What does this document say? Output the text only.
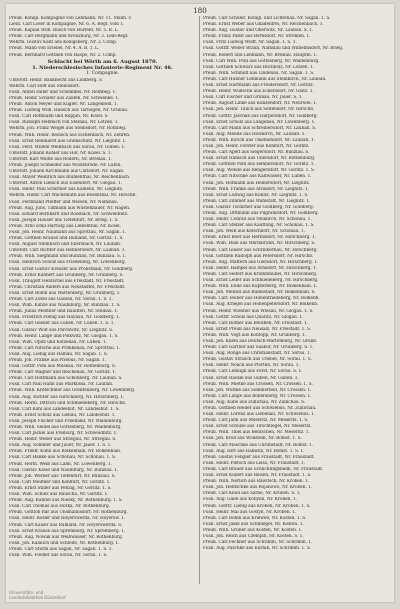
180
Preuß. Königl. Kompagnie von Lehmann, Nr. 11. Mann. v.
Lieut. Carl Löser in Kompagnie, Nr. 6. A. Regt. vom 1.
Preuß. Kaplan Wilh. Busch von Hürfeld, Nr. 5. B. L.
Preuß. Carl Bergmann und Kreuzburg, Nr. 3. Leib-Regt.
Wehrm. Gustav Kant ans Königsberg, Nr. 2. Comp.
Preuß. Mann von Eriebel, Nr. 4. A. B. 1. L.
Preuß. Bernhard Gottlieb von Haspe, Nr. 2. Comp.
Schlacht bei Wörth am 6. August 1870.
1. Niederschlesisches Infanterie-Regiment Nr. 46.
1. Compagnie.
Unteroff. Heinr. Bauknecht aus Lindberg. S.
Wehrm. Carl Hoff aus Steinsdorf.
Füsil. Anton Hiller und Schemmel, Nr. Rothbeg. 1.
Preuß. Heinr. Schäfer aus Zaufen, Nr. Schwenke. 1.
Preuß. Anton Meyer und Kugler, Nr. Langenfeld. 1.
Preuß. Ludwig Wilh. Hänsch aus Tarnogen, Nr. Grünau.
Füsil. Carl Hoffmann und Ruppin, Nr. Kosel. S.
Füsil. Rudolph Hellmich von Steinau, Nr. Lötzen. 1.
Wehrm. Joh. Franz Weigel aus Steinsdorf, Nr. Rothbeg.
Preuß. Wilh. Heinr. Reinsch aus Eichenbach, Nr. Zehren.
Füsil. Ernst Reinhardt aus Gramschütz, Nr. Liegnitz. 1.
Füsil. Ferd. Willem Weißbach aus Sorau, Nr. Guben. 1.
Unteroff. Johann Köhler aus Hof, Nr. Kusel. S. 1.
Unteroff. Karl Weiße aus Rödern, Nr. Breslau. 1.
Preuß. Joseph Schneider aus Wüstenrode, Nr. Lubin.
Unteroff. Johann Kirchmann aus Carlsdorf, Nr. Sagan.
Füsil. Mayer Weinrich aus Blumenthal, Nr. Reichenbach.
Unteroff. Anton Liebich aus Eisendorf, Nr. Glogau. 1.
Füsil. Heinr. Paul Schirmer aus Kamenz, Nr. Liegnitz.
Wehrm. Heinr. Carl Wachsmuth aus Rosenthal, Nr. Hirschb.
Füsil. Ferdinand Pfeiffer und Wiesen, Nr. Namslau.
Preuß. Aug. Juns. Tillmann aus Wüstenbauer, Nr. Hagen.
Füsil. Eduard Bernhard und Rossbach, Nr. Schweidnitz.
Füsil. Joseph Hauser ans Tiefenfurt, Nr. Brieg. 1. S.
Preuß. Arno Emil Hartwig aus Liebenthal, Nr. Kosel.
Füsil. Joh. Heinr. Naumann aus Sprottau, Nr. Sagan. 1.
Preuß. Gottlieb Krause und Ruhland, Nr. Görlitz. 1. S.
Füsil. August Steinbach und Ebersbach, Nr. Lauban.
Unteroff. Carl Richter aus Hennersdorf, Nr. Lauban. 1.
Preuß. Wilh. Siegmund und Bunzlau, Nr. Bunzlau. S. 1.
Füsil. Heinrich Scholz aus Friedeberg, Nr. Löwenberg.
Füsil. Ernst Gustav Kreuzer aus Probsthain, Nr. Goldberg.
Preuß. Ernst Kuhnert aus Grünberg, Nr. Grünberg. S.
Füsil. Traugott Hentschel aus Freistadt, Nr. Freistadt.
Preuß. Christian Anders aus Neustädtel, Nr. Freistadt.
Füsil. Ernst Böhm aus Wartenberg, Nr. Grünberg. 1.
Preuß. Carl Zobel aus Gassen, Nr. Sorau. 1. S. 1.
Füsil. Wilh. Kunze aus Naumburg, Nr. Bunzlau. 1. S.
Preuß. Julius Meißner und Raudten, Nr. Steinau. 1.
Füsil. Friedrich Fiebig aus Haynau, Nr. Goldberg. 1.
Preuß. Carl Geisler aus Lüben, Nr. Lüben. 1. S. 1.
Füsil. Gustav Wolf aus Parchwitz, Nr. Liegnitz. S.
Preuß. Heinr. Lange und Polkwitz, Nr. Glogau. 1. S.
Füsil. Wilh. Opitz und Kotzenau, Nr. Lüben. 1.
Preuß. Carl Nitsche aus Primkenau, Nr. Sprottau. 1.
Füsil. Aug. Liebig aus Halbau, Nr. Sagan. 1. S.
Preuß. Joh. Franke aus Priebus, Nr. Sagan. 1.
Füsil. Gottfr. Pohl aus Muskau, Nr. Rothenburg. S.
Preuß. Carl Wagner und Reichenau, Nr. Görlitz. 1.
Preuß. Carl Hoffmann aus Schönberg, Nr. Lauban. S.
Füsil. Carl Paul Hahn aus Marklissa, Nr. Lauban.
Preuß. Wilh. Kretschmer aus Greiffenberg, Nr. Löwenberg.
Füsil. Aug. Richter aus Hirschberg, Nr. Hirschberg. 1.
Preuß. Herm. Dittrich und Schmiedeberg, Nr. Hirschb.
Füsil. Carl Kahl aus Landeshut, Nr. Landeshut. 1. S.
Preuß. Ernst Scholz aus Liebau, Nr. Landeshut. 1.
Füsil. Joseph Fischer und Friedland, Nr. Waldenburg.
Preuß. Wilh. Seidel aus Gottesberg, Nr. Waldenburg.
Füsil. Carl Jäckel aus Freiburg, Nr. Schweidnitz. 1.
Preuß. Heinr. Weber aus Striegau, Nr. Striegau. S.
Füsil. Aug. Sommer und Jauer, Nr. Jauer. 1. S. 1.
Preuß. Friedr. Kühn aus Bolkenhain, Nr. Bolkenhain.
Füsil. Carl Hanke aus Schönau, Nr. Schönau. 1. S.
Preuß. Herm. Weiß aus Lähn, Nr. Löwenberg. 1.
Füsil. Gustav Klose und Naumburg, Nr. Bunzlau. 1.
Preuß. Joh. Werner aus Tiefenfurt, Nr. Bunzlau. S.
Füsil. Carl Meißner und Kohlfurt, Nr. Görlitz. 1.
Preuß. Ernst Stiller aus Penzig, Nr. Görlitz. 1. S.
Füsil. Wilh. Schulz aus Rauscha, Nr. Görlitz. 1.
Preuß. Aug. Kühnel aus Niesky, Nr. Rothenburg. 1. S.
Füsil. Carl Thomas aus Horka, Nr. Rothenburg.
Preuß. Gottlob Bär aus Uhsmannsdorf, Nr. Rothenburg.
Füsil. Heinr. Rösler und Hoyerswerda, Nr. Hoyersw. 1.
Preuß. Carl Kaiser aus Ruhland, Nr. Hoyerswerda. S.
Füsil. Ernst Krause aus Spremberg, Nr. Spremberg. 1.
Preuß. Aug. Nowak aus Weißwasser, Nr. Rothenburg.
Füsil. Joh. Kalauch und Schleife, Nr. Rothenburg. 1.
Preuß. Carl Sturm aus Sagan, Nr. Sagan. 1. S. 1.
Füsil. Wilh. Fiedler aus Sorau, Nr. Sorau. 1. S.
Preuß. Carl Schiller, Königl. und Lichtenau, Nr. Sagan. 1. S.
Preuß. Ernst Weber aus Gnadenfrei, Nr. Reichenbach. 1.
Preuß. Aug. Gustav und Oberwitz, Nr. Lauban. S. 1.
Preuß. Franz Pabst aus Bernsdorf, Nr. Strehlen. 1.
Füsil. Fritz Ludwig Wolff, Nr. Sagan. 1. S. 1.
Füsil. Gottfr. Weber Braun, Namslau und Wilhelmsdorf, Nr. Brieg.
Preuß. Robert und Lehmann, Nr. Breslau. Hauptm. 1.
Füsil. Carl Wilh. Pohl aus Gottesberg, Nr. Waldenburg.
Füsil. Gottlieb Schwarz aus Buchholz, Nr. Lötzen. 1.
Preuß. Wilh. Schmidt aus Lindenau, Nr. Sagan. 1. S.
Preuß. Carl Hübner Lehmann aus Steinkirch, Nr. Lauban.
Füsil. Ernst Hartmann aus Friedersdorf, Nr. Görlitz.
Preuß. Heinr. Wünsche aus Eckersdorf, Nr. Glatz. 1.
Füsil. Carl Fischer und Grunau, Nr. Jauer. S. 1.
Preuß. August Linke aus Kunzendorf, Nr. Neurode. 1.
Füsil. Joh. Heinr. Tillich aus Seitendorf, Nr. Hirschb.
Preuß. Gottfr. Jäschke aus Harpersdorf, Nr. Goldberg.
Füsil. Ernst Scholz aus Langenau, Nr. Löwenberg. 1.
Preuß. Carl Mann aus Schreibersdorf, Nr. Lauban. S.
Füsil. Aug. Mende aus Holzkirch, Nr. Lauban. 1.
Preuß. Wilh. Kirsch aus Thiemendorf, Nr. Lauban. 1.
Füsil. Joh. Heinr. Förster aus Kohlfurt, Nr. Görlitz.
Preuß. Carl Apelt aus Siegersdorf, Nr. Bunzlau. S.
Füsil. Ernst Hanisch aus Ullersdorf, Nr. Rothenburg.
Preuß. Gottlieb Pohl aus Hennersdorf, Nr. Görlitz. 1.
Füsil. Aug. Wende aus Rengersdorf, Nr. Görlitz. 1. S.
Preuß. Carl Nitschke aus Kaltwasser, Nr. Lüben. 1.
Füsil. Joh. Hofmann aus Heinersdorf, Nr. Liegnitz.
Preuß. Wilh. Franke aus Arnsdorf, Nr. Liegnitz. 1.
Füsil. Ernst Ludwig aus Kunitz, Nr. Liegnitz. 1. S.
Preuß. Carl Zimmer aus Wahlstatt, Nr. Liegnitz. 1.
Füsil. Gustav Tschirner aus Goldberg, Nr. Goldberg.
Preuß. Aug. Dittmann aus Pilgramsdorf, Nr. Goldberg.
Füsil. Heinr. Conrad aus Neukirch, Nr. Schönau. 1.
Preuß. Carl Stelzer aus Kauffung, Nr. Schönau. 1. S.
Füsil. Joh. Weiß aus Ketschdorf, Nr. Schönau. 1.
Preuß. Ernst Böer aus Hermsdorf, Nr. Hirschberg. 1.
Füsil. Wilh. Hain aus Warmbrunn, Nr. Hirschberg. S.
Preuß. Carl Gläser aus Schreiberhau, Nr. Hirschberg.
Füsil. Gottlieb Rudolph aus Petersdorf, Nr. Hirschb.
Preuß. Aug. Mattern aus Giersdorf, Nr. Hirschberg. 1.
Füsil. Heinr. Hampel aus Arnsdorf, Nr. Hirschberg. 1.
Preuß. Carl Seifert aus Krummhübel, Nr. Hirschberg.
Füsil. Ernst Leder aus Schmiedeberg, Nr. Hirschberg.
Preuß. Wilh. Ende aus Kupferberg, Nr. Bolkenhain. 1.
Füsil. Joh. Menzel aus Rudelstadt, Nr. Bolkenhain. S.
Preuß. Carl Teuber aus Hohenfriedeberg, Nr. Bolkenh.
Füsil. Aug. Kriegel aus Hohenpetersdorf, Nr. Bolkenh.
Preuß. Heinr. Wiesner aus Wiesau, Nr. Glogau. 1. S.
Füsil. Gottfr. Scholz aus Quaritz, Nr. Glogau. 1.
Preuß. Carl Rother aus Beuthen, Nr. Freistadt. 1.
Füsil. Ernst Preuß aus Neusalz, Nr. Freistadt. 1. S.
Preuß. Wilh. Vogt aus Kontopp, Nr. Grünberg. 1.
Füsil. Joh. Kliem aus Deutsch-Wartenberg, Nr. Grünb.
Preuß. Carl Gärtner aus Saabor, Nr. Grünberg. S. 1.
Füsil. Aug. Ronge aus Christianstadt, Nr. Sorau. 1.
Preuß. Gustav Strauch aus Triebel, Nr. Sorau. 1. S.
Füsil. Heinr. Noack aus Pförten, Nr. Sorau. 1.
Preuß. Carl Lehnigk aus Forst, Nr. Sorau. S. 1.
Füsil. Ernst Rackel aus Guben, Nr. Guben. 1.
Preuß. Wilh. Mietke aus Crossen, Nr. Crossen. 1. S.
Füsil. Joh. Wuttke aus Sommerfeld, Nr. Crossen. 1.
Preuß. Carl Lange aus Bobersberg, Nr. Crossen. 1.
Füsil. Aug. Kube aus Züllichau, Nr. Züllichau. S.
Preuß. Gottlieb Heider aus Schwiebus, Nr. Züllichau.
Füsil. Heinr. Lorenz aus Liebenau, Nr. Schwiebus. 1.
Preuß. Carl Jahn aus Meseritz, Nr. Meseritz. 1. S.
Füsil. Ernst Schulze aus Tirschtiegel, Nr. Meseritz.
Preuß. Wilh. Thiel aus Bentschen, Nr. Meseritz. 1.
Füsil. Joh. Kroll aus Wollstein, Nr. Bomst. 1. S.
Preuß. Carl Maschke aus Unruhstadt, Nr. Bomst. 1.
Füsil. Aug. Hirt aus Rakwitz, Nr. Bomst. 1. S. 1.
Preuß. Gustav Fengler aus Fraustadt, Nr. Fraustadt.
Füsil. Heinr. Pietsch aus Lissa, Nr. Fraustadt. 1.
Preuß. Carl Bräuer aus Schlichtingsheim, Nr. Fraustadt.
Füsil. Ernst Kunert aus Reisen, Nr. Fraustadt. 1. S.
Preuß. Wilh. Nerlich aus Rawitsch, Nr. Kröben. 1.
Füsil. Joh. Hentschke aus Bojanowo, Nr. Kröben. 1.
Preuß. Carl Knoll aus Sarne, Nr. Kröben. S. 1.
Füsil. Aug. Galle aus Kobylin, Nr. Kröben. 1.
Preuß. Gottfr. Liebig aus Kröben, Nr. Kröben. 1. S.
Füsil. Heinr. Mai aus Gostyn, Nr. Kröben. 1.
Preuß. Carl Böhm aus Kriewen, Nr. Kosten. 1. S.
Füsil. Ernst Jäkel aus Schmiegel, Nr. Kosten. 1.
Preuß. Wilh. Gruner aus Kosten, Nr. Kosten. 1.
Füsil. Joh. Reich aus Czempin, Nr. Kosten. S. 1.
Preuß. Carl Fechner aus Schrimm, Nr. Schrimm. 1.
Füsil. Aug. Paschke aus Kurnik, Nr. Schrimm. 1. S.
Universitäts- und
Landesbibliothek Düsseldorf
